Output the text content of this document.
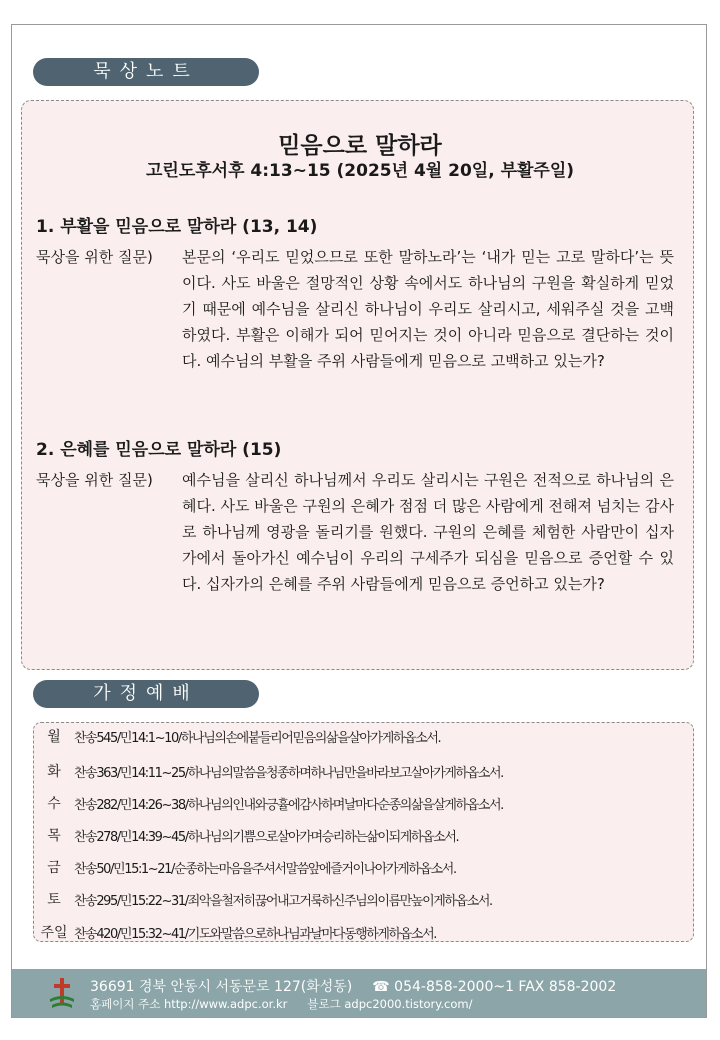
묵상노트
믿음으로 말하라
고린도후서후 4:13~15 (2025년 4월 20일, 부활주일)
1. 부활을 믿음으로 말하라 (13, 14)
묵상을 위한 질문) 본문의 ‘우리도 믿었으므로 또한 말하노라’는 ‘내가 믿는 고로 말하다’는 뜻이다. 사도 바울은 절망적인 상황 속에서도 하나님의 구원을 확실하게 믿었기 때문에 예수님을 살리신 하나님이 우리도 살리시고, 세워주실 것을 고백하였다. 부활은 이해가 되어 믿어지는 것이 아니라 믿음으로 결단하는 것이다. 예수님의 부활을 주위 사람들에게 믿음으로 고백하고 있는가?
2. 은혜를 믿음으로 말하라 (15)
묵상을 위한 질문) 예수님을 살리신 하나님께서 우리도 살리시는 구원은 전적으로 하나님의 은혜다. 사도 바울은 구원의 은혜가 점점 더 많은 사람에게 전해져 넘치는 감사로 하나님께 영광을 돌리기를 원했다. 구원의 은혜를 체험한 사람만이 십자가에서 돌아가신 예수님이 우리의 구세주가 되심을 믿음으로 증언할 수 있다. 십자가의 은혜를 주위 사람들에게 믿음으로 증언하고 있는가?
가정예배
월	찬송545/민14:1~10/하나님의손에붙들리어믿음의삶을살아가게하옵소서.
화	찬송363/민14:11~25/하나님의말씀을청종하며하나님만을바라보고살아가게하옵소서.
수	찬송282/민14:26~38/하나님의인내와긍휼에감사하며날마다순종의삶을살게하옵소서.
목	찬송278/민14:39~45/하나님의기쁨으로살아가며승리하는삶이되게하옵소서.
금	찬송50/민15:1~21/순종하는마음을주셔서말씀앞에즐거이나아가게하옵소서.
토	찬송295/민15:22~31/죄악을철저히끊어내고거룩하신주님의이름만높이게하옵소서.
주일 찬송420/민15:32~41/기도와말씀으로하나님과날마다동행하게하옵소서.
36691 경북 안동시 서동문로 127(화성동) ☎ 054-858-2000~1 FAX 858-2002
홈페이지 주소 http://www.adpc.or.kr 블로그 adpc2000.tistory.com/
